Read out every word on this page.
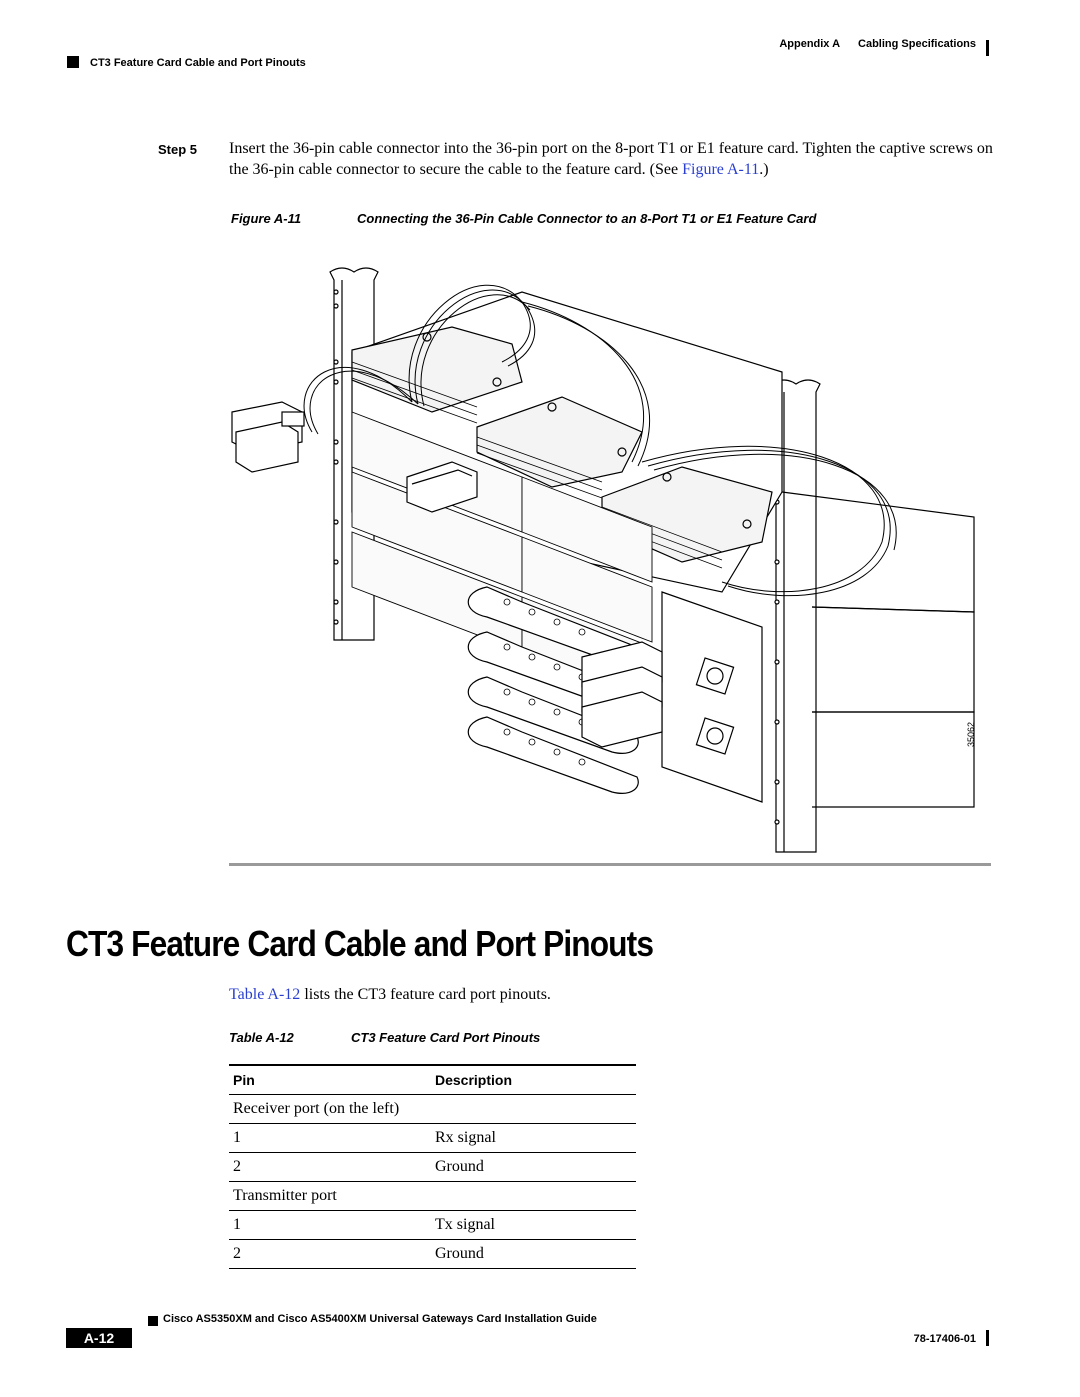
Appendix A Cabling Specifications
CT3 Feature Card Cable and Port Pinouts
Step 5 Insert the 36-pin cable connector into the 36-pin port on the 8-port T1 or E1 feature card. Tighten the captive screws on the 36-pin cable connector to secure the cable to the feature card. (See Figure A-11.)
Figure A-11	Connecting the 36-Pin Cable Connector to an 8-Port T1 or E1 Feature Card
35062
CT3 Feature Card Cable and Port Pinouts
Table A-12 lists the CT3 feature card port pinouts.
Table A-12	CT3 Feature Card Port Pinouts
Pin	Description
Receiver port (on the left)
1	Rx signal
2	Ground
Transmitter port
1	Tx signal
2	Ground
Cisco AS5350XM and Cisco AS5400XM Universal Gateways Card Installation Guide
A-12	78-17406-01
